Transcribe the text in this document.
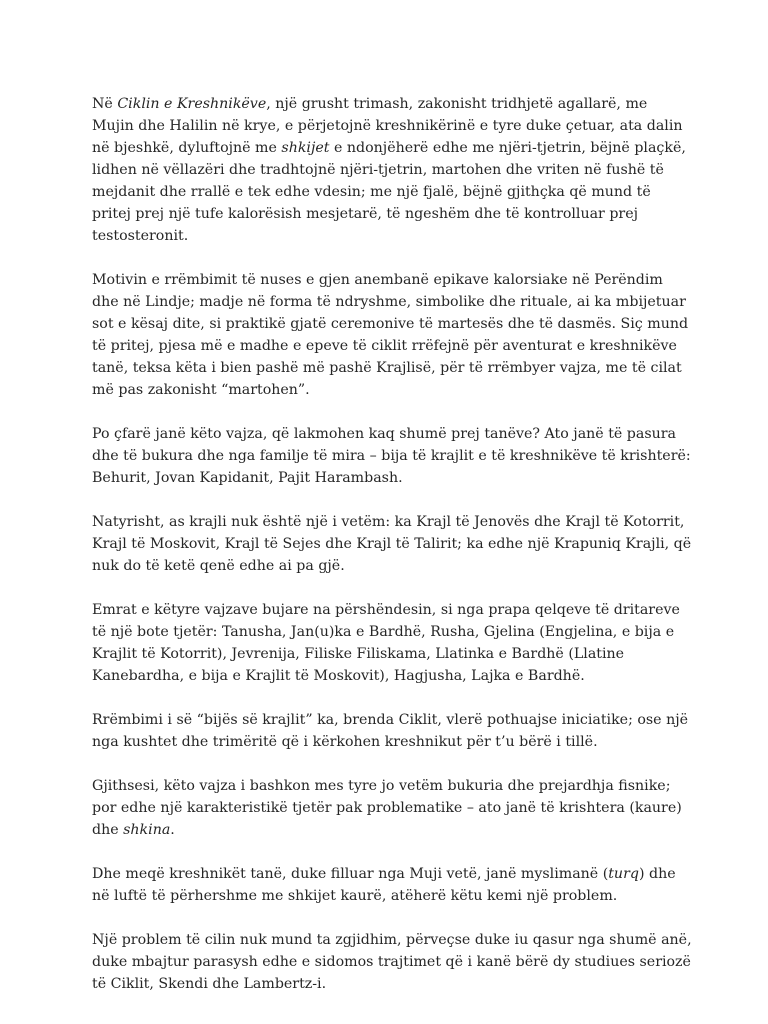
Në Ciklin e Kreshnikëve, një grusht trimash, zakonisht tridhjetë agallarë, me Mujin dhe Halilin në krye, e përjetojnë kreshnikërinë e tyre duke çetuar, ata dalin në bjeshkë, dyluftojnë me shkijet e ndonjëherë edhe me njëri-tjetrin, bëjnë plaçkë, lidhen në vëllazëri dhe tradhtojnë njëri-tjetrin, martohen dhe vriten në fushë të mejdanit dhe rrallë e tek edhe vdesin; me një fjalë, bëjnë gjithçka që mund të pritej prej një tufe kalorësish mesjetarë, të ngeshëm dhe të kontrolluar prej testosteronit.

Motivin e rrëmbimit të nuses e gjen anembanë epikave kalorsiake në Perëndim dhe në Lindje; madje në forma të ndryshme, simbolike dhe rituale, ai ka mbijetuar sot e kësaj dite, si praktikë gjatë ceremonive të martesës dhe të dasmës. Siç mund të pritej, pjesa më e madhe e epeve të ciklit rrëfejnë për aventurat e kreshnikëve tanë, teksa këta i bien pashë më pashë Krajlisë, për të rrëmbyer vajza, me të cilat më pas zakonisht “martohen”.

Po çfarë janë këto vajza, që lakmohen kaq shumë prej tanëve? Ato janë të pasura dhe të bukura dhe nga familje të mira – bija të krajlit e të kreshnikëve të krishterë: Behurit, Jovan Kapidanit, Pajit Harambash.

Natyrisht, as krajli nuk është një i vetëm: ka Krajl të Jenovës dhe Krajl të Kotorrit, Krajl të Moskovit, Krajl të Sejes dhe Krajl të Talirit; ka edhe një Krapuniq Krajli, që nuk do të ketë qenë edhe ai pa gjë.

Emrat e këtyre vajzave bujare na përshëndesin, si nga prapa qelqeve të dritareve të një bote tjetër: Tanusha, Jan(u)ka e Bardhë, Rusha, Gjelina (Engjelina, e bija e Krajlit të Kotorrit), Jevrenija, Filiske Filiskama, Llatinka e Bardhë (Llatine Kanebardha, e bija e Krajlit të Moskovit), Hagjusha, Lajka e Bardhë.

Rrëmbimi i së “bijës së krajlit” ka, brenda Ciklit, vlerë pothuajse iniciatike; ose një nga kushtet dhe trimëritë që i kërkohen kreshnikut për t’u bërë i tillë.

Gjithsesi, këto vajza i bashkon mes tyre jo vetëm bukuria dhe prejardhja fisnike; por edhe një karakteristikë tjetër pak problematike – ato janë të krishtera (kaure) dhe shkina.

Dhe meqë kreshnikët tanë, duke filluar nga Muji vetë, janë myslimanë (turq) dhe në luftë të përhershme me shkijet kaurë, atëherë këtu kemi një problem.

Një problem të cilin nuk mund ta zgjidhim, përveçse duke iu qasur nga shumë anë, duke mbajtur parasysh edhe e sidomos trajtimet që i kanë bërë dy studiues seriozë të Ciklit, Skendi dhe Lambertz-i.
